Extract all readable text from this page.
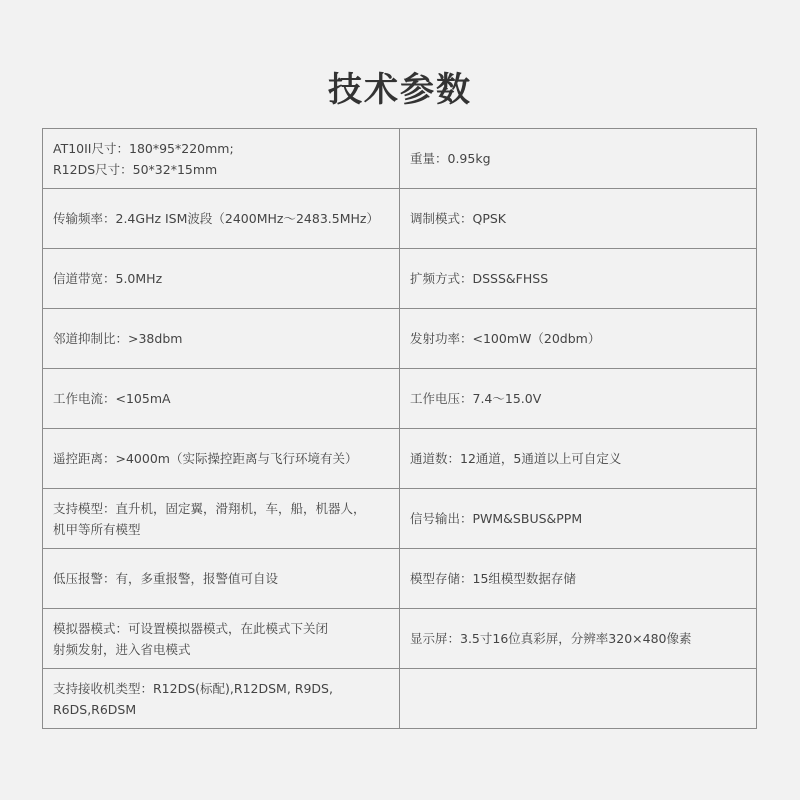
技术参数
AT10II尺寸：180*95*220mm;
R12DS尺寸：50*32*15mm	重量：0.95kg

传输频率：2.4GHz ISM波段（2400MHz～2483.5MHz）	调制模式：QPSK

信道带宽：5.0MHz	扩频方式：DSSS&FHSS

邻道抑制比：>38dbm	发射功率：<100mW（20dbm）

工作电流：<105mA	工作电压：7.4～15.0V

遥控距离：>4000m（实际操控距离与飞行环境有关）	通道数：12通道，5通道以上可自定义

支持模型：直升机，固定翼，滑翔机，车，船，机器人，
机甲等所有模型	信号输出：PWM&SBUS&PPM

低压报警：有，多重报警，报警值可自设	模型存储：15组模型数据存储

模拟器模式：可设置模拟器模式，在此模式下关闭
射频发射，进入省电模式	显示屏：3.5寸16位真彩屏，分辨率320×480像素

支持接收机类型：R12DS(标配),R12DSM, R9DS,
R6DS,R6DSM	
